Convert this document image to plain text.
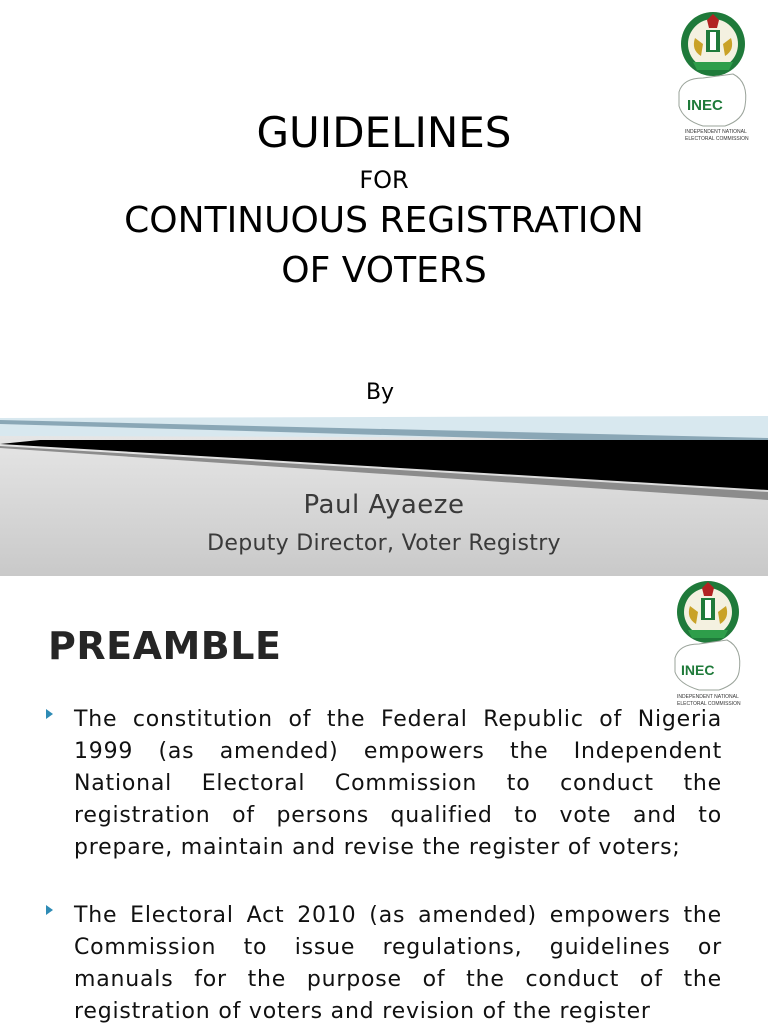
INEC
INDEPENDENT NATIONAL
ELECTORAL COMMISSION
GUIDELINES
FOR
CONTINUOUS REGISTRATION
OF VOTERS
By
Paul Ayaeze
Deputy Director, Voter Registry
INEC
INDEPENDENT NATIONAL
ELECTORAL COMMISSION
PREAMBLE
The constitution of the Federal Republic of Nigeria 1999 (as amended) empowers the Independent National Electoral Commission to conduct the registration of persons qualified to vote and to prepare, maintain and revise the register of voters;
The Electoral Act 2010 (as amended) empowers the Commission to issue regulations, guidelines or manuals for the purpose of the conduct of the registration of voters and revision of the register
